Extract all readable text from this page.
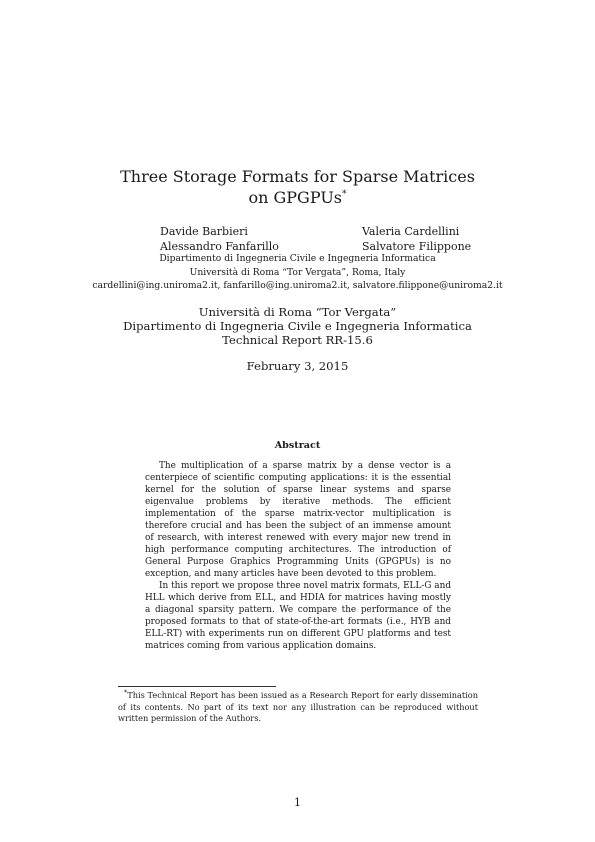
Three Storage Formats for Sparse Matrices
on GPGPUs*
Davide Barbieri
Alessandro Fanfarillo
Valeria Cardellini
Salvatore Filippone
Dipartimento di Ingegneria Civile e Ingegneria Informatica
Università di Roma “Tor Vergata”, Roma, Italy
cardellini@ing.uniroma2.it, fanfarillo@ing.uniroma2.it, salvatore.filippone@uniroma2.it
Università di Roma “Tor Vergata”
Dipartimento di Ingegneria Civile e Ingegneria Informatica
Technical Report RR-15.6
February 3, 2015
Abstract

The multiplication of a sparse matrix by a dense vector is a centerpiece of scientific computing applications: it is the essential kernel for the solution of sparse linear systems and sparse eigenvalue problems by iterative methods. The efficient implementation of the sparse matrix-vector multiplication is therefore crucial and has been the subject of an immense amount of research, with interest renewed with every major new trend in high performance computing architectures. The introduction of General Purpose Graphics Programming Units (GPGPUs) is no exception, and many articles have been devoted to this problem.

In this report we propose three novel matrix formats, ELL-G and HLL which derive from ELL, and HDIA for matrices having mostly a diagonal sparsity pattern. We compare the performance of the proposed formats to that of state-of-the-art formats (i.e., HYB and ELL-RT) with experiments run on different GPU platforms and test matrices coming from various application domains.

*This Technical Report has been issued as a Research Report for early dissemination of its contents. No part of its text nor any illustration can be reproduced without written permission of the Authors.

1
